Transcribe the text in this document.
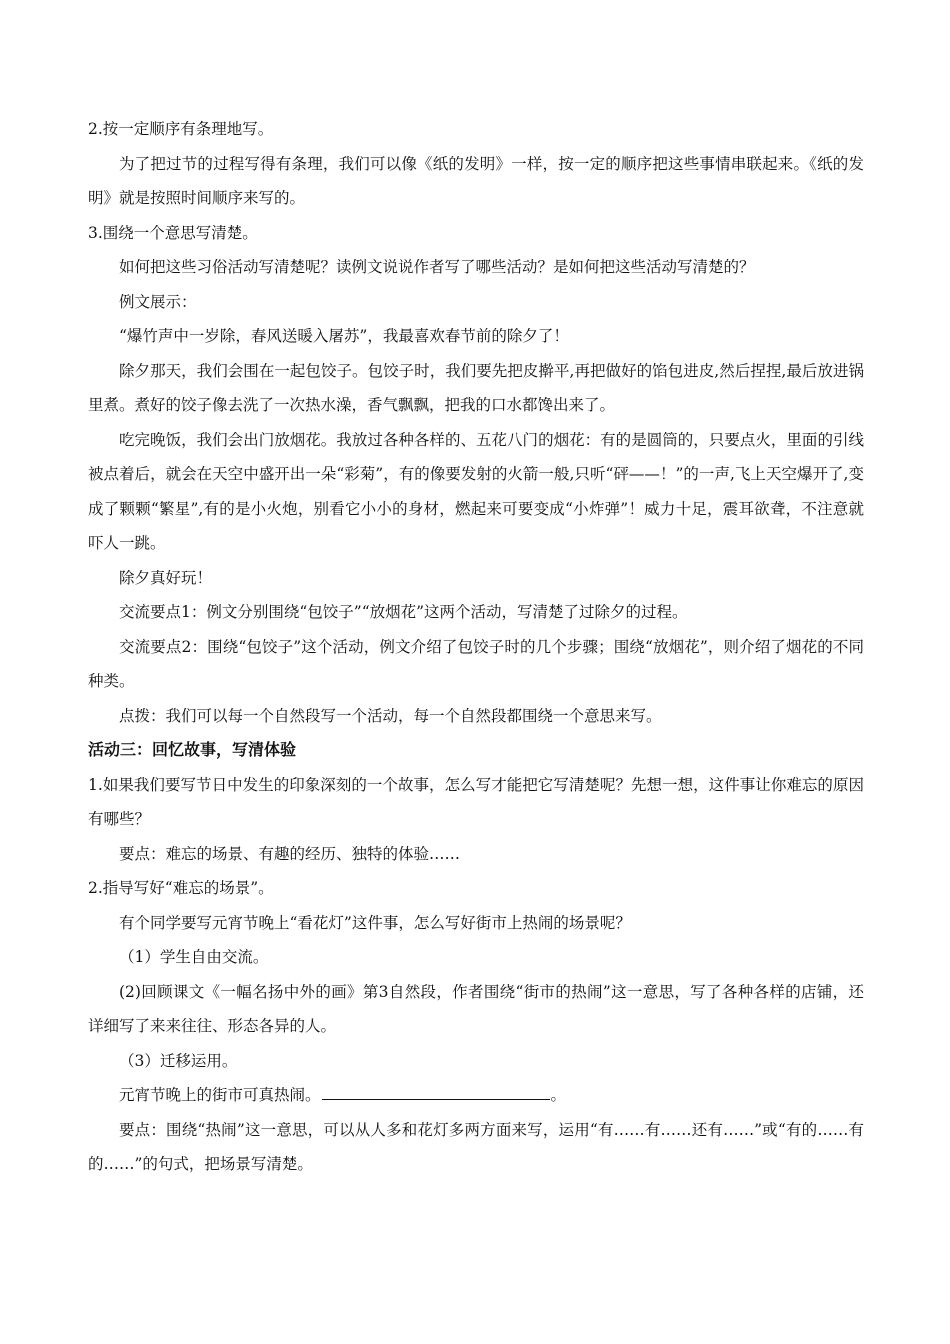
2.按一定顺序有条理地写。

为了把过节的过程写得有条理，我们可以像《纸的发明》一样，按一定的顺序把这些事情串联起来。《纸的发明》就是按照时间顺序来写的。

3.围绕一个意思写清楚。

如何把这些习俗活动写清楚呢？读例文说说作者写了哪些活动？是如何把这些活动写清楚的？

例文展示：

“爆竹声中一岁除，春风送暖入屠苏”，我最喜欢春节前的除夕了！

除夕那天，我们会围在一起包饺子。包饺子时，我们要先把皮擀平,再把做好的馅包进皮,然后捏捏,最后放进锅里煮。煮好的饺子像去洗了一次热水澡，香气飘飘，把我的口水都馋出来了。

吃完晚饭，我们会出门放烟花。我放过各种各样的、五花八门的烟花：有的是圆筒的，只要点火，里面的引线被点着后，就会在天空中盛开出一朵“彩菊”，有的像要发射的火箭一般,只听“砰——！”的一声,飞上天空爆开了,变成了颗颗“繁星”,有的是小火炮，别看它小小的身材，燃起来可要变成“小炸弹”！威力十足，震耳欲聋，不注意就吓人一跳。

除夕真好玩！

交流要点1：例文分别围绕“包饺子”“放烟花”这两个活动，写清楚了过除夕的过程。

交流要点2：围绕“包饺子”这个活动，例文介绍了包饺子时的几个步骤；围绕“放烟花”，则介绍了烟花的不同种类。

点拨：我们可以每一个自然段写一个活动，每一个自然段都围绕一个意思来写。

活动三：回忆故事，写清体验

1.如果我们要写节日中发生的印象深刻的一个故事，怎么写才能把它写清楚呢？先想一想，这件事让你难忘的原因有哪些？

要点：难忘的场景、有趣的经历、独特的体验……

2.指导写好“难忘的场景”。

有个同学要写元宵节晚上“看花灯”这件事，怎么写好街市上热闹的场景呢？

（1）学生自由交流。

(2)回顾课文《一幅名扬中外的画》第3自然段，作者围绕“街市的热闹”这一意思，写了各种各样的店铺，还详细写了来来往往、形态各异的人。

（3）迁移运用。

元宵节晚上的街市可真热闹。	。

要点：围绕“热闹”这一意思，可以从人多和花灯多两方面来写，运用“有……有……还有……”或“有的……有的……”的句式，把场景写清楚。
